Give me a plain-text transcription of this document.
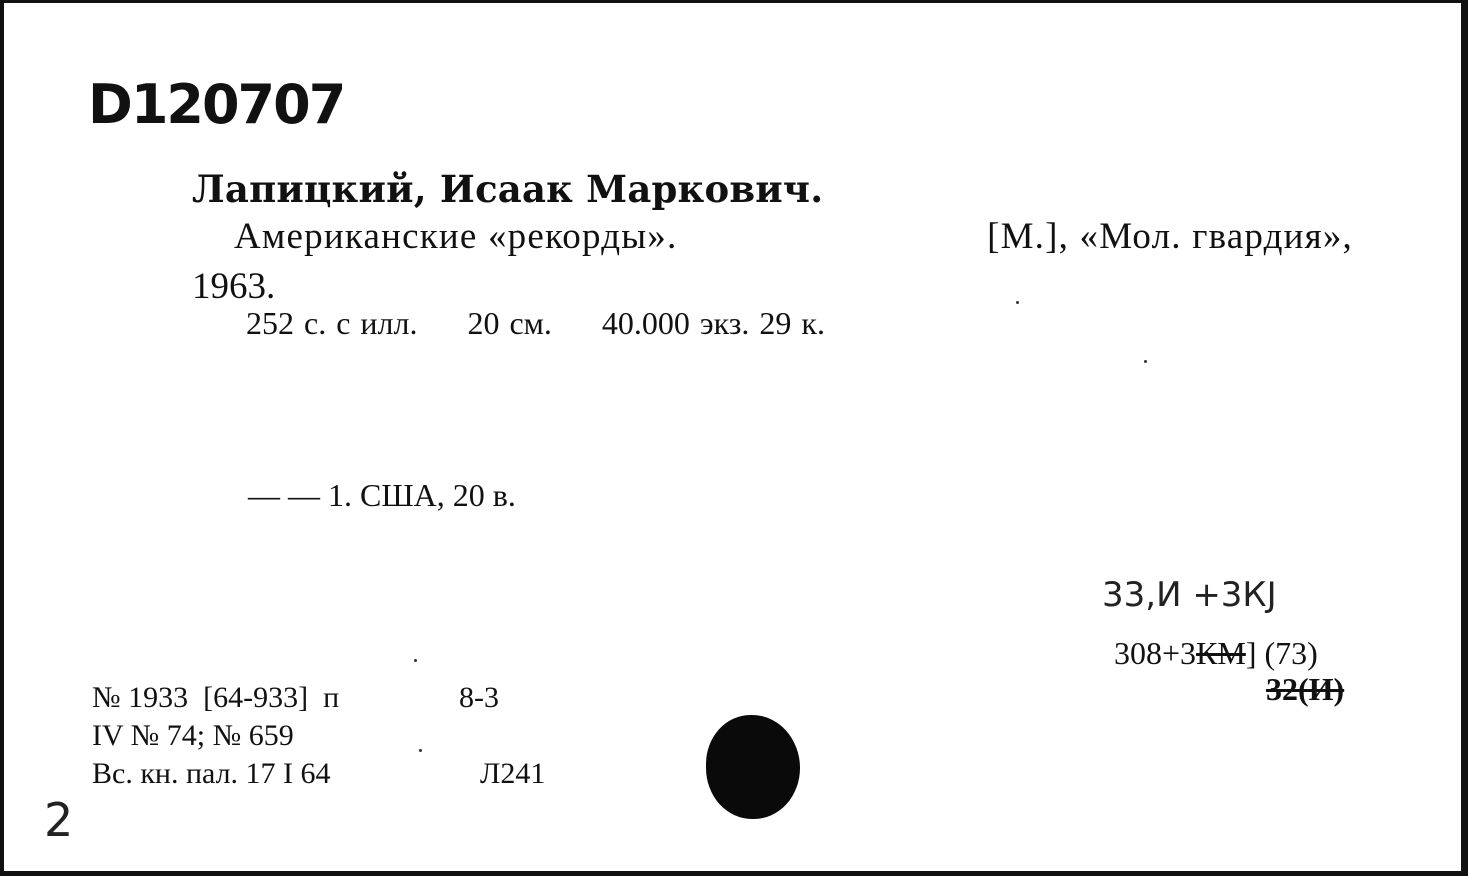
D120707
Лапицкий, Исаак Маркович.
Американские «рекорды».	[М.], «Мол. гвардия»,
1963.
252 с. с илл.     20 см.     40.000 экз. 29 к.
— — 1. США, 20 в.
33,И +3КJ
308+3КМ] (73)
32(И)
№ 1933  [64-933]  п	8-3
IV № 74; № 659
Вс. кн. пал. 17 I 64	Л241
2
